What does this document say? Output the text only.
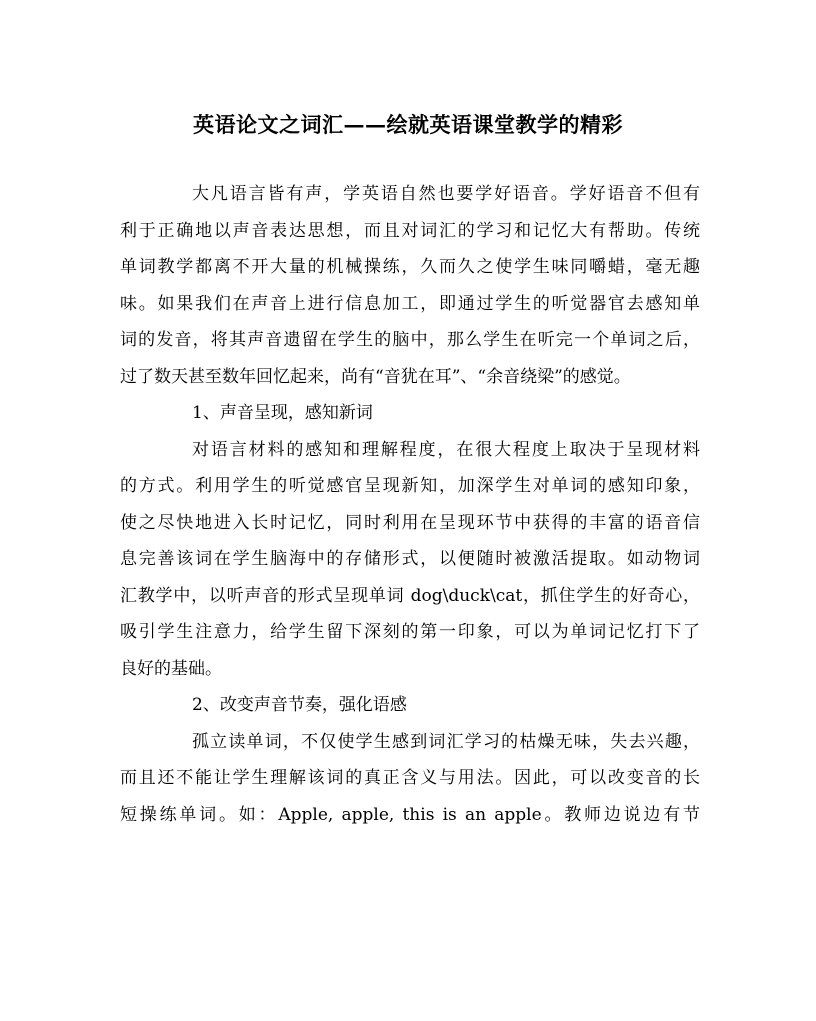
英语论文之词汇——绘就英语课堂教学的精彩
大凡语言皆有声，学英语自然也要学好语音。学好语音不但有
利于正确地以声音表达思想，而且对词汇的学习和记忆大有帮助。传统
单词教学都离不开大量的机械操练，久而久之使学生味同嚼蜡，毫无趣
味。如果我们在声音上进行信息加工，即通过学生的听觉器官去感知单
词的发音，将其声音遗留在学生的脑中，那么学生在听完一个单词之后，
过了数天甚至数年回忆起来，尚有“音犹在耳”、“余音绕梁”的感觉。
1、声音呈现，感知新词
对语言材料的感知和理解程度，在很大程度上取决于呈现材料
的方式。利用学生的听觉感官呈现新知，加深学生对单词的感知印象，
使之尽快地进入长时记忆，同时利用在呈现环节中获得的丰富的语音信
息完善该词在学生脑海中的存储形式，以便随时被激活提取。如动物词
汇教学中，以听声音的形式呈现单词 dog\duck\cat，抓住学生的好奇心，
吸引学生注意力，给学生留下深刻的第一印象，可以为单词记忆打下了
良好的基础。
2、改变声音节奏，强化语感
孤立读单词，不仅使学生感到词汇学习的枯燥无味，失去兴趣，
而且还不能让学生理解该词的真正含义与用法。因此，可以改变音的长
短操练单词。如：Apple, apple, this is an apple。教师边说边有节
